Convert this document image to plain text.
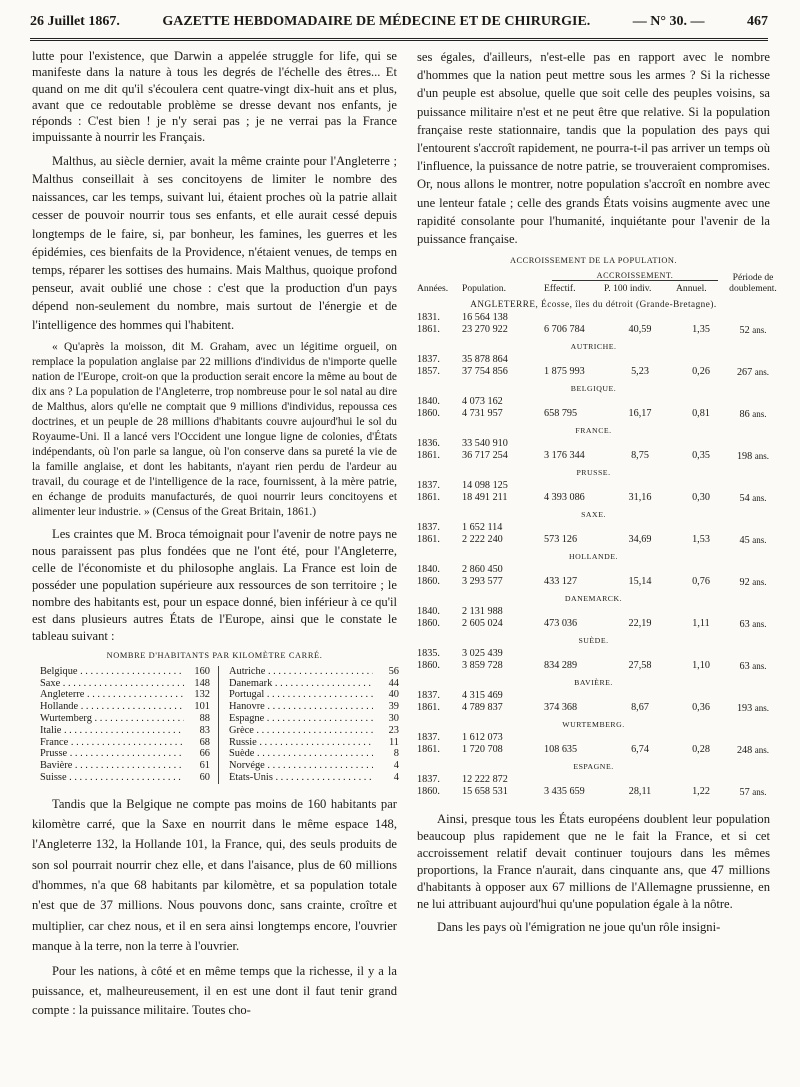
26 Juillet 1867.	GAZETTE HEBDOMADAIRE DE MÉDECINE ET DE CHIRURGIE.	— N° 30. —	467

lutte pour l'existence, que Darwin a appelée struggle for life, qui se manifeste dans la nature à tous les degrés de l'échelle des êtres... Et quand on me dit qu'il s'écoulera cent quatre-vingt dix-huit ans et plus, avant que ce redoutable problème se dresse devant nos enfants, je réponds : C'est bien ! je n'y serai pas ; je ne verrai pas la France impuissante à nourrir les Français.

Malthus, au siècle dernier, avait la même crainte pour l'Angleterre ; Malthus conseillait à ses concitoyens de limiter le nombre des naissances, car les temps, suivant lui, étaient proches où la patrie allait cesser de pouvoir nourrir tous ses enfants, et elle aurait cessé depuis longtemps de le faire, si, par bonheur, les famines, les guerres et les épidémies, ces bienfaits de la Providence, n'étaient venues, de temps en temps, réparer les sottises des humains. Mais Malthus, quoique profond penseur, avait oublié une chose : c'est que la production d'un pays dépend non-seulement du nombre, mais surtout de l'énergie et de l'intelligence des hommes qui l'habitent.

« Qu'après la moisson, dit M. Graham, avec un légitime orgueil, on remplace la population anglaise par 22 millions d'individus de n'importe quelle nation de l'Europe, croit-on que la production serait encore la même au bout de dix ans ? La population de l'Angleterre, trop nombreuse pour le sol natal au dire de Malthus, alors qu'elle ne comptait que 9 millions d'individus, repoussa ces doctrines, et un peuple de 28 millions d'habitants couvre aujourd'hui le sol du Royaume-Uni. Il a lancé vers l'Occident une longue ligne de colonies, d'États indépendants, où l'on parle sa langue, où l'on conserve dans sa pureté la vie de la famille anglaise, et dont les habitants, n'ayant rien perdu de l'ardeur au travail, du courage et de l'intelligence de la race, fournissent, à la mère patrie, en échange de produits manufacturés, de quoi nourrir leurs concitoyens et alimenter leur industrie. » (Census of the Great Britain, 1861.)

Les craintes que M. Broca témoignait pour l'avenir de notre pays ne nous paraissent pas plus fondées que ne l'ont été, pour l'Angleterre, celle de l'économiste et du philosophe anglais. La France est loin de posséder une population supérieure aux ressources de son territoire ; le nombre des habitants est, pour un espace donné, bien inférieur à ce qu'il est dans plusieurs autres États de l'Europe, ainsi que le constate le tableau suivant :

NOMBRE D'HABITANTS PAR KILOMÈTRE CARRÉ.
Belgique . . .	160
Saxe . . .	148
Angleterre . . .	132
Hollande . . .	101
Wurtemberg . . .	88
Italie . . .	83
France . . .	68
Prusse . . .	66
Bavière . . .	61
Suisse . . .	60
Autriche . . .	56
Danemark . . .	44
Portugal . . .	40
Hanovre . . .	39
Espagne . . .	30
Grèce . . .	23
Russie . . .	11
Suède . . .	8
Norvége . . .	4
États-Unis . . .	4

Tandis que la Belgique ne compte pas moins de 160 habitants par kilomètre carré, que la Saxe en nourrit dans le même espace 148, l'Angleterre 132, la Hollande 101, la France, qui, des seuls produits de son sol pourrait nourrir chez elle, et dans l'aisance, plus de 60 millions d'hommes, n'a que 68 habitants par kilomètre, et sa population totale n'est que de 37 millions. Nous pouvons donc, sans crainte, croître et multiplier, car chez nous, et il en sera ainsi longtemps encore, l'ouvrier manque à la terre, non la terre à l'ouvrier.

Pour les nations, à côté et en même temps que la richesse, il y a la puissance, et, malheureusement, il en est une dont il faut tenir grand compte : la puissance militaire. Toutes cho-

ses égales, d'ailleurs, n'est-elle pas en rapport avec le nombre d'hommes que la nation peut mettre sous les armes ? Si la richesse d'un peuple est absolue, quelle que soit celle des peuples voisins, sa puissance militaire n'est et ne peut être que relative. Si la population française reste stationnaire, tandis que la population des pays qui l'entourent s'accroît rapidement, ne pourra-t-il pas arriver un temps où l'influence, la puissance de notre patrie, se trouveraient compromises. Or, nous allons le montrer, notre population s'accroît en nombre avec une lenteur fatale ; celle des grands États voisins augmente avec une rapidité consolante pour l'humanité, inquiétante pour l'avenir de la puissance française.

ACCROISSEMENT DE LA POPULATION.
ACCROISSEMENT.	Période de doublement.
Années.	Population.	Effectif.	P. 100 indiv.	Annuel.
ANGLETERRE, Écosse, îles du détroit (Grande-Bretagne).
1831.	16 564 138
1861.	23 270 922	6 706 784	40,59	1,35	52 ans.
AUTRICHE.
1837.	35 878 864
1857.	37 754 856	1 875 993	5,23	0,26	267 ans.
BELGIQUE.
1840.	4 073 162
1860.	4 731 957	658 795	16,17	0,81	86 ans.
FRANCE.
1836.	33 540 910
1861.	36 717 254	3 176 344	8,75	0,35	198 ans.
PRUSSE.
1837.	14 098 125
1861.	18 491 211	4 393 086	31,16	0,30	54 ans.
SAXE.
1837.	1 652 114
1861.	2 222 240	573 126	34,69	1,53	45 ans.
HOLLANDE.
1840.	2 860 450
1860.	3 293 577	433 127	15,14	0,76	92 ans.
DANEMARCK.
1840.	2 131 988
1860.	2 605 024	473 036	22,19	1,11	63 ans.
SUÈDE.
1835.	3 025 439
1860.	3 859 728	834 289	27,58	1,10	63 ans.
BAVIÈRE.
1837.	4 315 469
1861.	4 789 837	374 368	8,67	0,36	193 ans.
WURTEMBERG.
1837.	1 612 073
1861.	1 720 708	108 635	6,74	0,28	248 ans.
ESPAGNE.
1837.	12 222 872
1860.	15 658 531	3 435 659	28,11	1,22	57 ans.

Ainsi, presque tous les États européens doublent leur population beaucoup plus rapidement que ne le fait la France, et si cet accroissement relatif devait continuer toujours dans les mêmes proportions, la France n'aurait, dans cinquante ans, que 47 millions d'habitants à opposer aux 67 millions de l'Allemagne prussienne, en ne lui attribuant aujourd'hui qu'une population égale à la nôtre.

Dans les pays où l'émigration ne joue qu'un rôle insigni-
